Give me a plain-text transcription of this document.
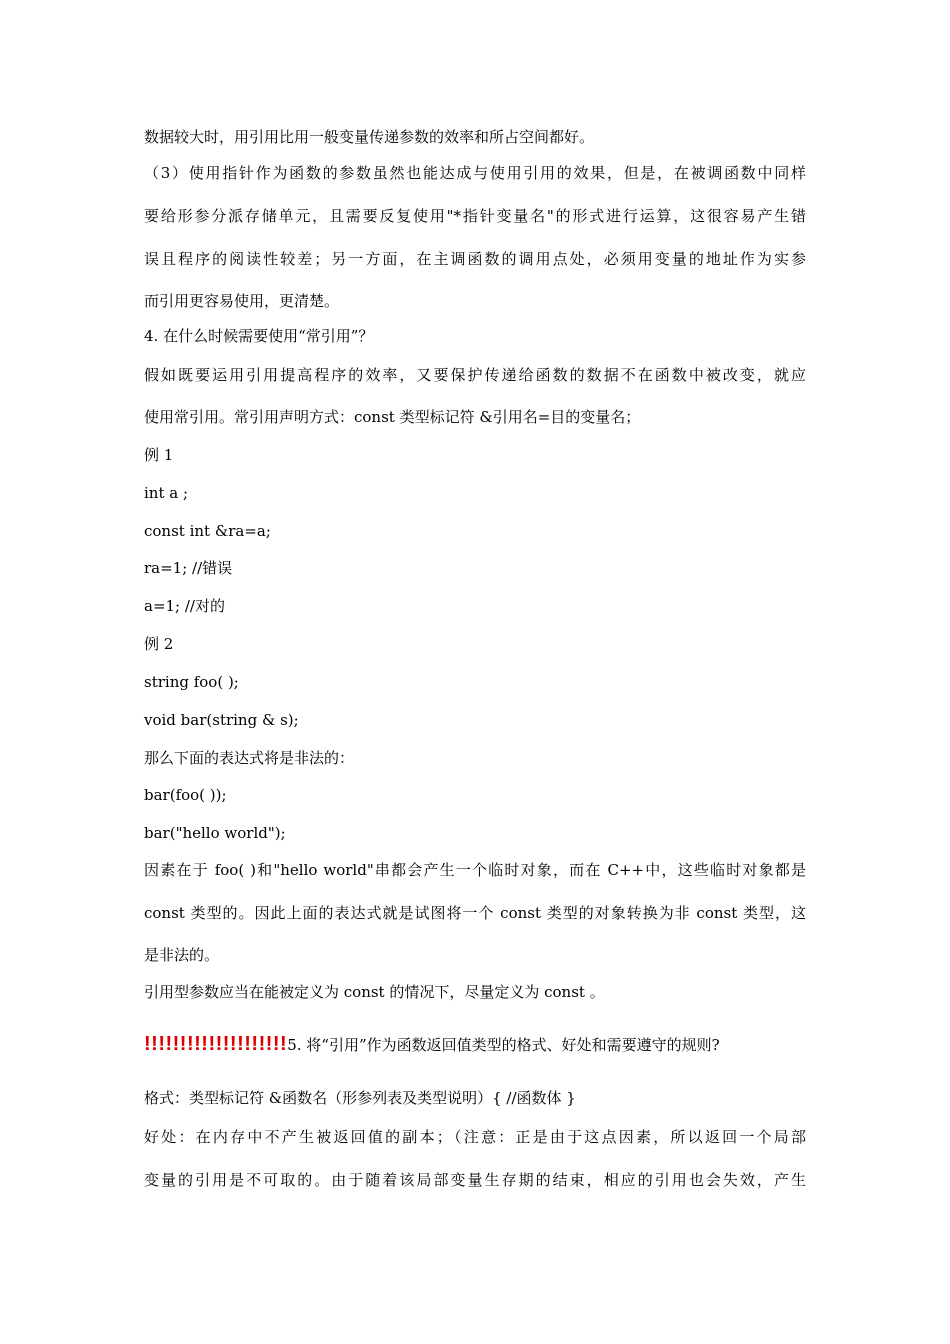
数据较大时，用引用比用一般变量传递参数的效率和所占空间都好。
（3）使用指针作为函数的参数虽然也能达成与使用引用的效果，但是，在被调函数中同样
要给形参分派存储单元，且需要反复使用"*指针变量名"的形式进行运算，这很容易产生错
误且程序的阅读性较差；另一方面，在主调函数的调用点处，必须用变量的地址作为实参
而引用更容易使用，更清楚。
4. 在什么时候需要使用“常引用”？
假如既要运用引用提高程序的效率，又要保护传递给函数的数据不在函数中被改变，就应
使用常引用。常引用声明方式：const 类型标记符 &引用名=目的变量名；
例 1
int a ;
const int &ra=a;
ra=1; //错误
a=1; //对的
例 2
string foo( );
void bar(string & s);
那么下面的表达式将是非法的：
bar(foo( ));
bar("hello world");
因素在于 foo( )和"hello world"串都会产生一个临时对象，而在 C++中，这些临时对象都是
const 类型的。因此上面的表达式就是试图将一个 const 类型的对象转换为非 const 类型，这
是非法的。
引用型参数应当在能被定义为 const 的情况下，尽量定义为 const 。
!!!!!!!!!!!!!!!!!!!!5. 将“引用”作为函数返回值类型的格式、好处和需要遵守的规则?
格式：类型标记符 &函数名（形参列表及类型说明）{ //函数体 }
好处：在内存中不产生被返回值的副本；（注意：正是由于这点因素，所以返回一个局部
变量的引用是不可取的。由于随着该局部变量生存期的结束，相应的引用也会失效，产生
